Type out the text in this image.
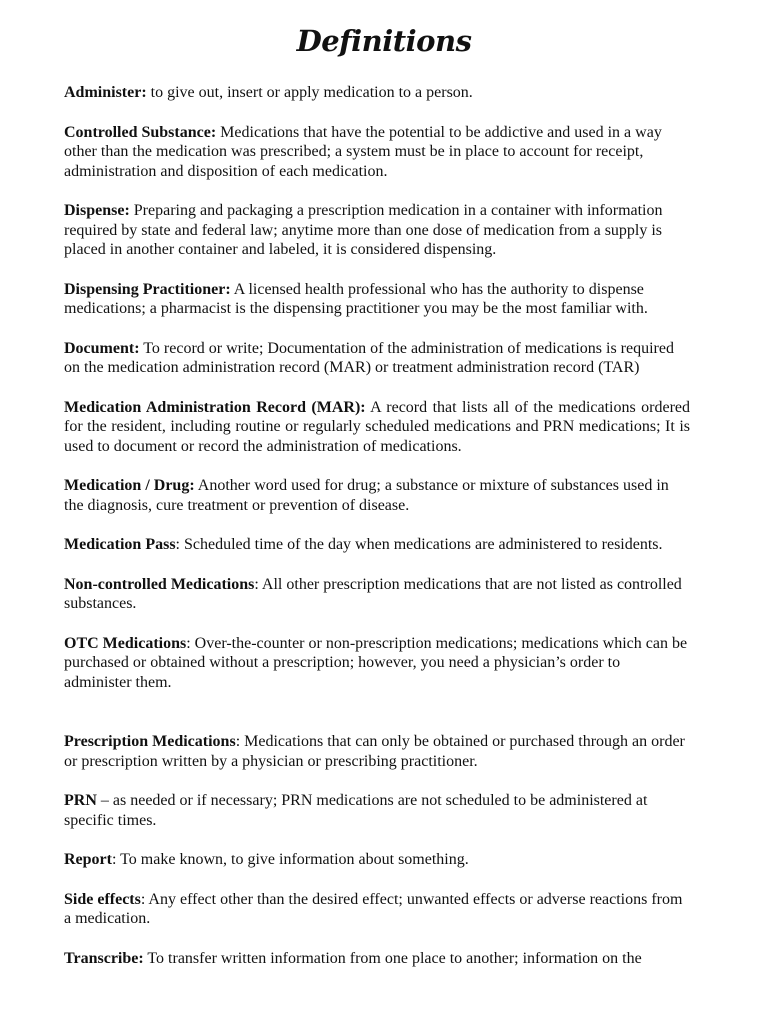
Definitions

Administer: to give out, insert or apply medication to a person.

Controlled Substance: Medications that have the potential to be addictive and used in a way other than the medication was prescribed; a system must be in place to account for receipt, administration and disposition of each medication.

Dispense: Preparing and packaging a prescription medication in a container with information required by state and federal law; anytime more than one dose of medication from a supply is placed in another container and labeled, it is considered dispensing.

Dispensing Practitioner: A licensed health professional who has the authority to dispense medications; a pharmacist is the dispensing practitioner you may be the most familiar with.

Document: To record or write; Documentation of the administration of medications is required on the medication administration record (MAR) or treatment administration record (TAR)

Medication Administration Record (MAR): A record that lists all of the medications ordered for the resident, including routine or regularly scheduled medications and PRN medications; It is used to document or record the administration of medications.

Medication / Drug: Another word used for drug; a substance or mixture of substances used in the diagnosis, cure treatment or prevention of disease.

Medication Pass: Scheduled time of the day when medications are administered to residents.

Non-controlled Medications: All other prescription medications that are not listed as controlled substances.

OTC Medications: Over-the-counter or non-prescription medications; medications which can be purchased or obtained without a prescription; however, you need a physician’s order to administer them.

Prescription Medications: Medications that can only be obtained or purchased through an order or prescription written by a physician or prescribing practitioner.

PRN – as needed or if necessary; PRN medications are not scheduled to be administered at specific times.

Report: To make known, to give information about something.

Side effects: Any effect other than the desired effect; unwanted effects or adverse reactions from a medication.

Transcribe: To transfer written information from one place to another; information on the
